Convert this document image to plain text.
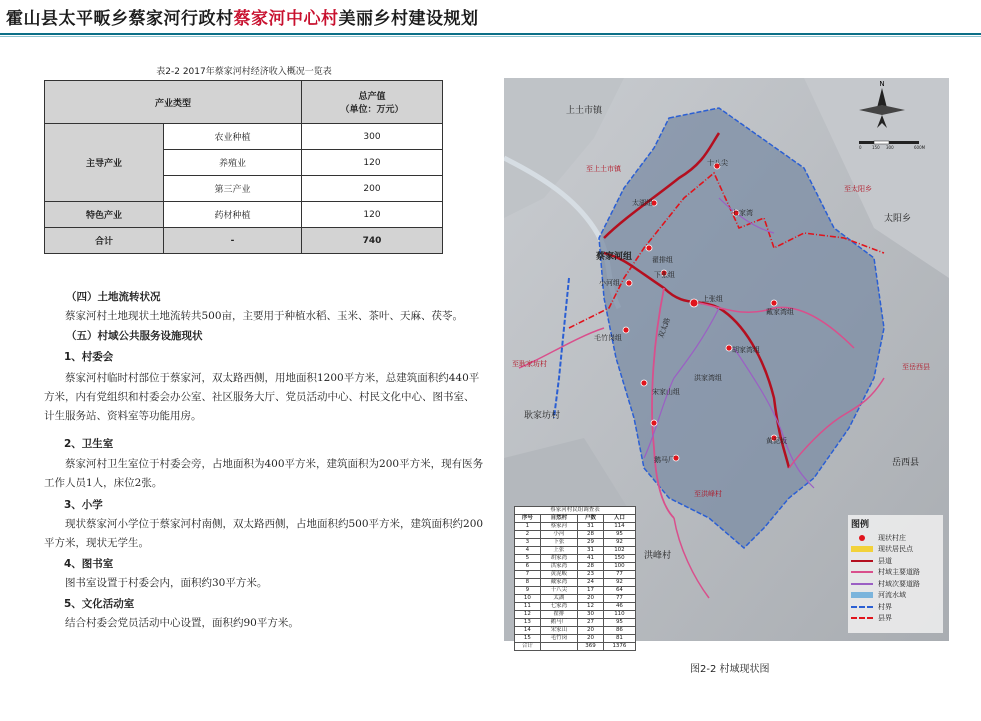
霍山县太平畈乡蔡家河行政村蔡家河中心村美丽乡村建设规划
表2-2 2017年蔡家河村经济收入概况一览表
产业类型		总产值
（单位：万元）

主导产业	农业种植	300
	养殖业	120
	第三产业	200
特色产业	药材种植	120
合计	-	740
（四）土地流转状况
蔡家河村土地现状土地流转共500亩，主要用于种植水稻、玉米、茶叶、天麻、茯苓。
（五）村域公共服务设施现状
1、村委会
蔡家河村临时村部位于蔡家河，双太路西侧，用地面积1200平方米，总建筑面积约440平方米，内有党组织和村委会办公室、社区服务大厅、党员活动中心、村民文化中心、图书室、计生服务站、资料室等功能用房。
2、卫生室
蔡家河村卫生室位于村委会旁，占地面积为400平方米，建筑面积为200平方米，现有医务工作人员1人，床位2张。
3、小学
现状蔡家河小学位于蔡家河村南侧，双太路西侧，占地面积约500平方米，建筑面积约200平方米，现状无学生。
4、图书室
图书室设置于村委会内，面积约30平方米。
5、文化活动室
结合村委会党员活动中心设置，面积约90平方米。
N
0	150 300	600M
上土市镇
太阳乡
耿家坊村
洪峰村
岳西县
至上土市镇
至太阳乡
至耿家坊村	至岳西县
至洪峰村
蔡家河组
十八尖
太湖组
七家湾
小河组
翟排组
下张组
上张组
戴家湾组
胡家湾组
洪家湾组
宋家山组
黄泥坂
毛竹岗组
鹅马厂
双太路
蔡家河村民组调查表			
序号	自然村	户数	人口
1	蔡家河	31	114
2	小河	28	95
3	下张	29	92
4	上张	31	102
5	胡家湾	41	150
6	洪家湾	28	100
7	黄泥畈	23	77
8	戴家湾	24	92
9	十八尖	17	64
10	太湖	20	77
11	七家湾	12	46
12	翟排	30	110
13	鹅马厂	27	95
14	宋家山	20	86
15	毛竹岗	20	81
合计		369	1376
图例
现状村庄
现状居民点
县道
村域主要道路
村域次要道路
河流水域
村界
县界
图2-2 村域现状图
